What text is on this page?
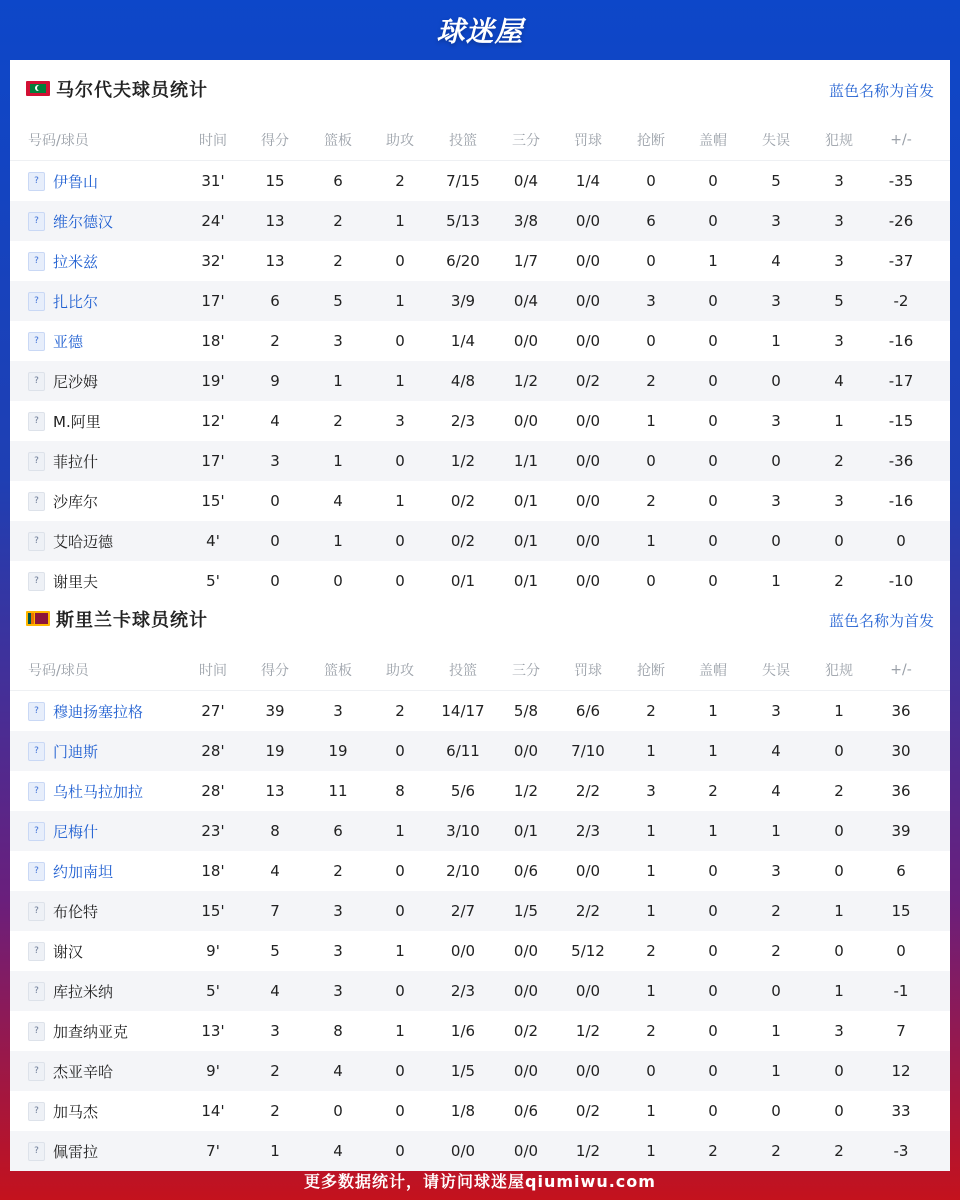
球迷屋
马尔代夫球员统计	蓝色名称为首发
号码/球员	时间	得分	篮板	助攻	投篮	三分	罚球	抢断	盖帽	失误	犯规	+/-
? 伊鲁山	31'	15	6	2	7/15	0/4	1/4	0	0	5	3	-35
? 维尔德汉	24'	13	2	1	5/13	3/8	0/0	6	0	3	3	-26
? 拉米兹	32'	13	2	0	6/20	1/7	0/0	0	1	4	3	-37
? 扎比尔	17'	6	5	1	3/9	0/4	0/0	3	0	3	5	-2
? 亚德	18'	2	3	0	1/4	0/0	0/0	0	0	1	3	-16
? 尼沙姆	19'	9	1	1	4/8	1/2	0/2	2	0	0	4	-17
? M.阿里	12'	4	2	3	2/3	0/0	0/0	1	0	3	1	-15
? 菲拉什	17'	3	1	0	1/2	1/1	0/0	0	0	0	2	-36
? 沙库尔	15'	0	4	1	0/2	0/1	0/0	2	0	3	3	-16
? 艾哈迈德	4'	0	1	0	0/2	0/1	0/0	1	0	0	0	0
? 谢里夫	5'	0	0	0	0/1	0/1	0/0	0	0	1	2	-10
斯里兰卡球员统计	蓝色名称为首发
号码/球员	时间	得分	篮板	助攻	投篮	三分	罚球	抢断	盖帽	失误	犯规	+/-
? 穆迪扬塞拉格	27'	39	3	2	14/17	5/8	6/6	2	1	3	1	36
? 门迪斯	28'	19	19	0	6/11	0/0	7/10	1	1	4	0	30
? 乌杜马拉加拉	28'	13	11	8	5/6	1/2	2/2	3	2	4	2	36
? 尼梅什	23'	8	6	1	3/10	0/1	2/3	1	1	1	0	39
? 约加南坦	18'	4	2	0	2/10	0/6	0/0	1	0	3	0	6
? 布伦特	15'	7	3	0	2/7	1/5	2/2	1	0	2	1	15
? 谢汉	9'	5	3	1	0/0	0/0	5/12	2	0	2	0	0
? 库拉米纳	5'	4	3	0	2/3	0/0	0/0	1	0	0	1	-1
? 加查纳亚克	13'	3	8	1	1/6	0/2	1/2	2	0	1	3	7
? 杰亚辛哈	9'	2	4	0	1/5	0/0	0/0	0	0	1	0	12
? 加马杰	14'	2	0	0	1/8	0/6	0/2	1	0	0	0	33
? 佩雷拉	7'	1	4	0	0/0	0/0	1/2	1	2	2	2	-3
更多数据统计，请访问球迷屋qiumiwu.com
